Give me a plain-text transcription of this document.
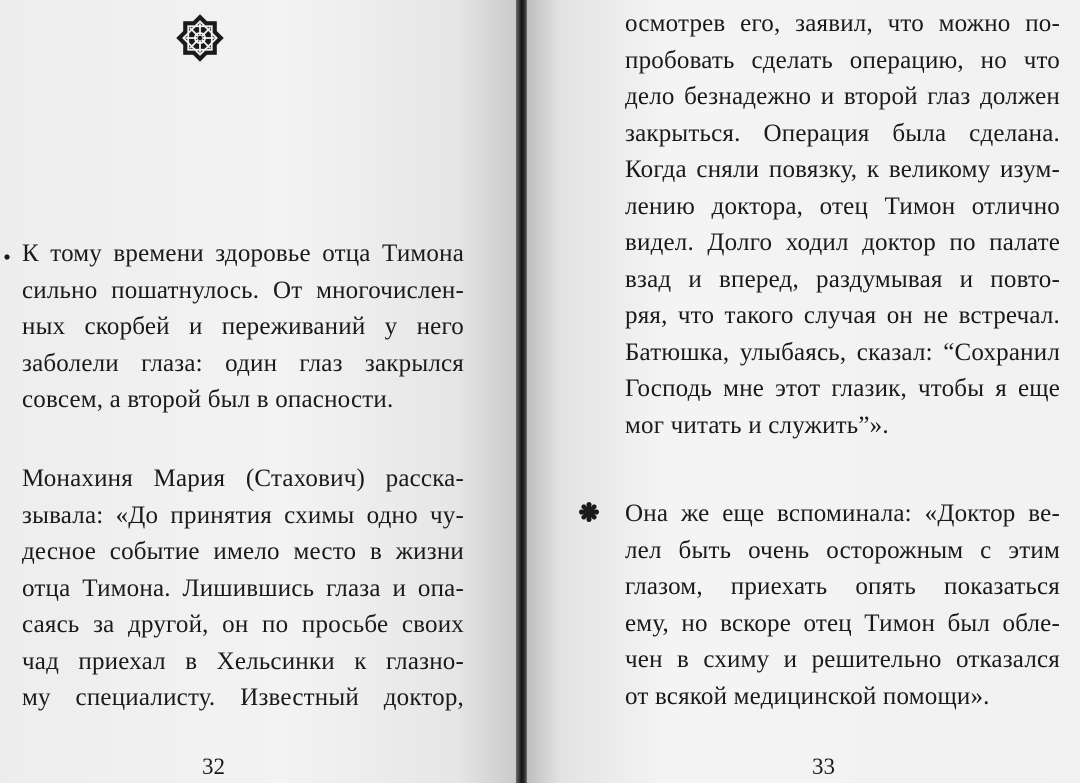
К тому времени здоровье отца Тимона
сильно пошатнулось. От многочислен-
ных скорбей и переживаний у него
заболели глаза: один глаз закрылся
совсем, а второй был в опасности.
Монахиня Мария (Стахович) расска-
зывала: «До принятия схимы одно чу-
десное событие имело место в жизни
отца Тимона. Лишившись глаза и опа-
саясь за другой, он по просьбе своих
чад приехал в Хельсинки к глазно-
му специалисту. Известный доктор,
32
осмотрев его, заявил, что можно по-
пробовать сделать операцию, но что
дело безнадежно и второй глаз должен
закрыться. Операция была сделана.
Когда сняли повязку, к великому изум-
лению доктора, отец Тимон отлично
видел. Долго ходил доктор по палате
взад и вперед, раздумывая и повто-
ряя, что такого случая он не встречал.
Батюшка, улыбаясь, сказал: “Сохранил
Господь мне этот глазик, чтобы я еще
мог читать и служить”».
Она же еще вспоминала: «Доктор ве-
лел быть очень осторожным с этим
глазом, приехать опять показаться
ему, но вскоре отец Тимон был обле-
чен в схиму и решительно отказался
от всякой медицинской помощи».
33
